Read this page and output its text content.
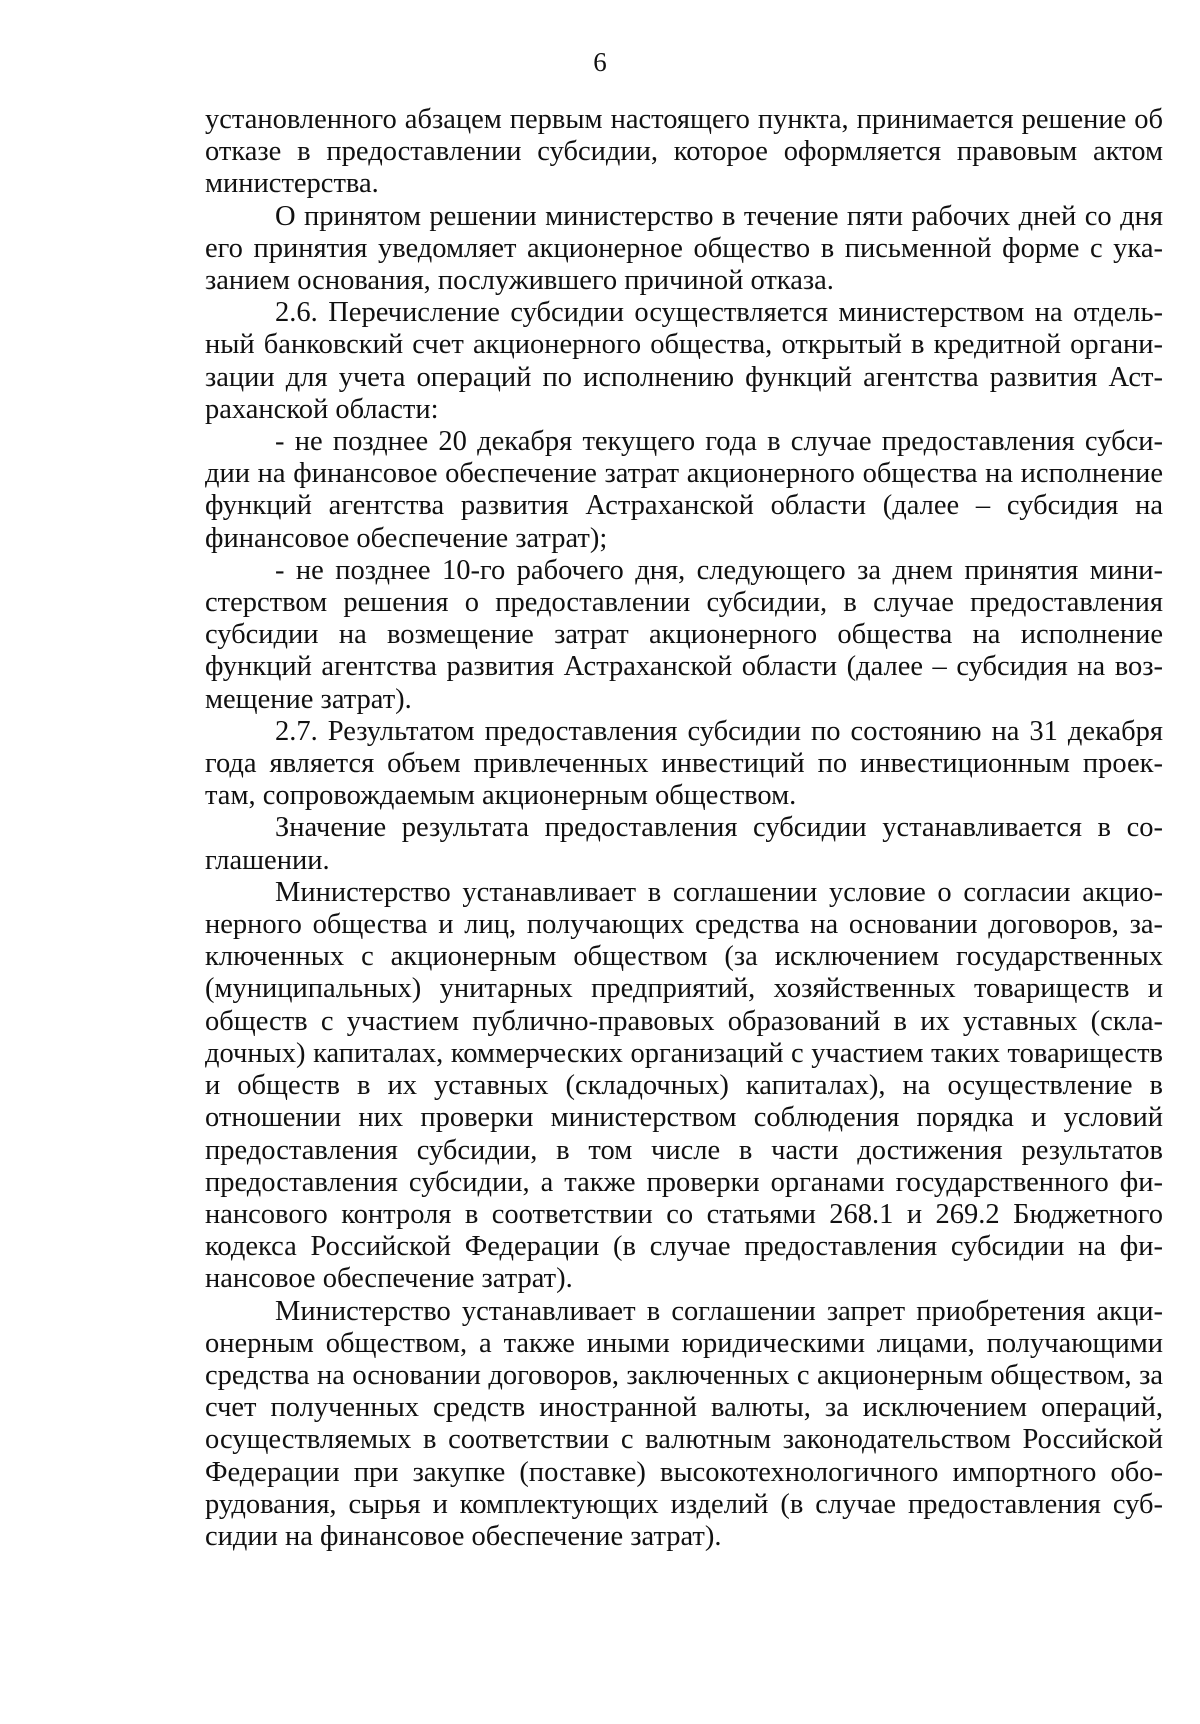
6

установленного абзацем первым настоящего пункта, принимается решение об отказе в предоставлении субсидии, которое оформляется правовым актом министерства.

О принятом решении министерство в течение пяти рабочих дней со дня его принятия уведомляет акционерное общество в письменной форме с указанием основания, послужившего причиной отказа.

2.6. Перечисление субсидии осуществляется министерством на отдельный банковский счет акционерного общества, открытый в кредитной организации для учета операций по исполнению функций агентства развития Астраханской области:

- не позднее 20 декабря текущего года в случае предоставления субсидии на финансовое обеспечение затрат акционерного общества на исполнение функций агентства развития Астраханской области (далее – субсидия на финансовое обеспечение затрат);

- не позднее 10-го рабочего дня, следующего за днем принятия министерством решения о предоставлении субсидии, в случае предоставления субсидии на возмещение затрат акционерного общества на исполнение функций агентства развития Астраханской области (далее – субсидия на возмещение затрат).

2.7. Результатом предоставления субсидии по состоянию на 31 декабря года является объем привлеченных инвестиций по инвестиционным проектам, сопровождаемым акционерным обществом.

Значение результата предоставления субсидии устанавливается в соглашении.

Министерство устанавливает в соглашении условие о согласии акционерного общества и лиц, получающих средства на основании договоров, заключенных с акционерным обществом (за исключением государственных (муниципальных) унитарных предприятий, хозяйственных товариществ и обществ с участием публично-правовых образований в их уставных (складочных) капиталах, коммерческих организаций с участием таких товариществ и обществ в их уставных (складочных) капиталах), на осуществление в отношении них проверки министерством соблюдения порядка и условий предоставления субсидии, в том числе в части достижения результатов предоставления субсидии, а также проверки органами государственного финансового контроля в соответствии со статьями 268.1 и 269.2 Бюджетного кодекса Российской Федерации (в случае предоставления субсидии на финансовое обеспечение затрат).

Министерство устанавливает в соглашении запрет приобретения акционерным обществом, а также иными юридическими лицами, получающими средства на основании договоров, заключенных с акционерным обществом, за счет полученных средств иностранной валюты, за исключением операций, осуществляемых в соответствии с валютным законодательством Российской Федерации при закупке (поставке) высокотехнологичного импортного оборудования, сырья и комплектующих изделий (в случае предоставления субсидии на финансовое обеспечение затрат).
